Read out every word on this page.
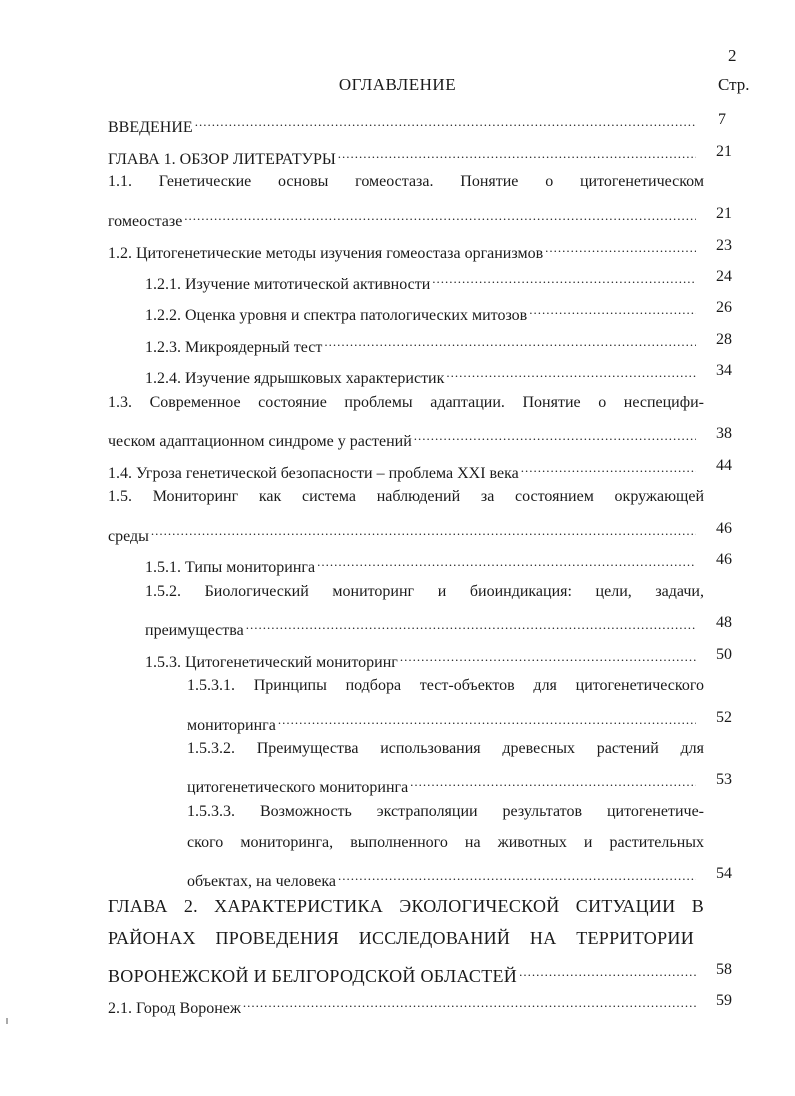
2
ОГЛАВЛЕНИЕ	Стр.
ВВЕДЕНИЕ .....	7
ГЛАВА 1. ОБЗОР ЛИТЕРАТУРЫ .....	21
1.1. Генетические основы гомеостаза. Понятие о цитогенетическом
гомеостазе .....	21
1.2. Цитогенетические методы изучения гомеостаза организмов .....	23
1.2.1. Изучение митотической активности .....	24
1.2.2. Оценка уровня и спектра патологических митозов .....	26
1.2.3. Микроядерный тест .....	28
1.2.4. Изучение ядрышковых характеристик .....	34
1.3. Современное состояние проблемы адаптации. Понятие о неспецифи-
ческом адаптационном синдроме у растений .....	38
1.4. Угроза генетической безопасности – проблема XXI века .....	44
1.5. Мониторинг как система наблюдений за состоянием окружающей
среды .....	46
1.5.1. Типы мониторинга .....	46
1.5.2. Биологический мониторинг и биоиндикация: цели, задачи,
преимущества .....	48
1.5.3. Цитогенетический мониторинг .....	50
1.5.3.1. Принципы подбора тест-объектов для цитогенетического
мониторинга .....	52
1.5.3.2. Преимущества использования древесных растений для
цитогенетического мониторинга .....	53
1.5.3.3. Возможность экстраполяции результатов цитогенетиче-
ского мониторинга, выполненного на животных и растительных
объектах, на человека .....	54
ГЛАВА 2. ХАРАКТЕРИСТИКА ЭКОЛОГИЧЕСКОЙ СИТУАЦИИ В
РАЙОНАХ ПРОВЕДЕНИЯ ИССЛЕДОВАНИЙ НА ТЕРРИТОРИИ
ВОРОНЕЖСКОЙ И БЕЛГОРОДСКОЙ ОБЛАСТЕЙ .....	58
2.1. Город Воронеж .....	59
